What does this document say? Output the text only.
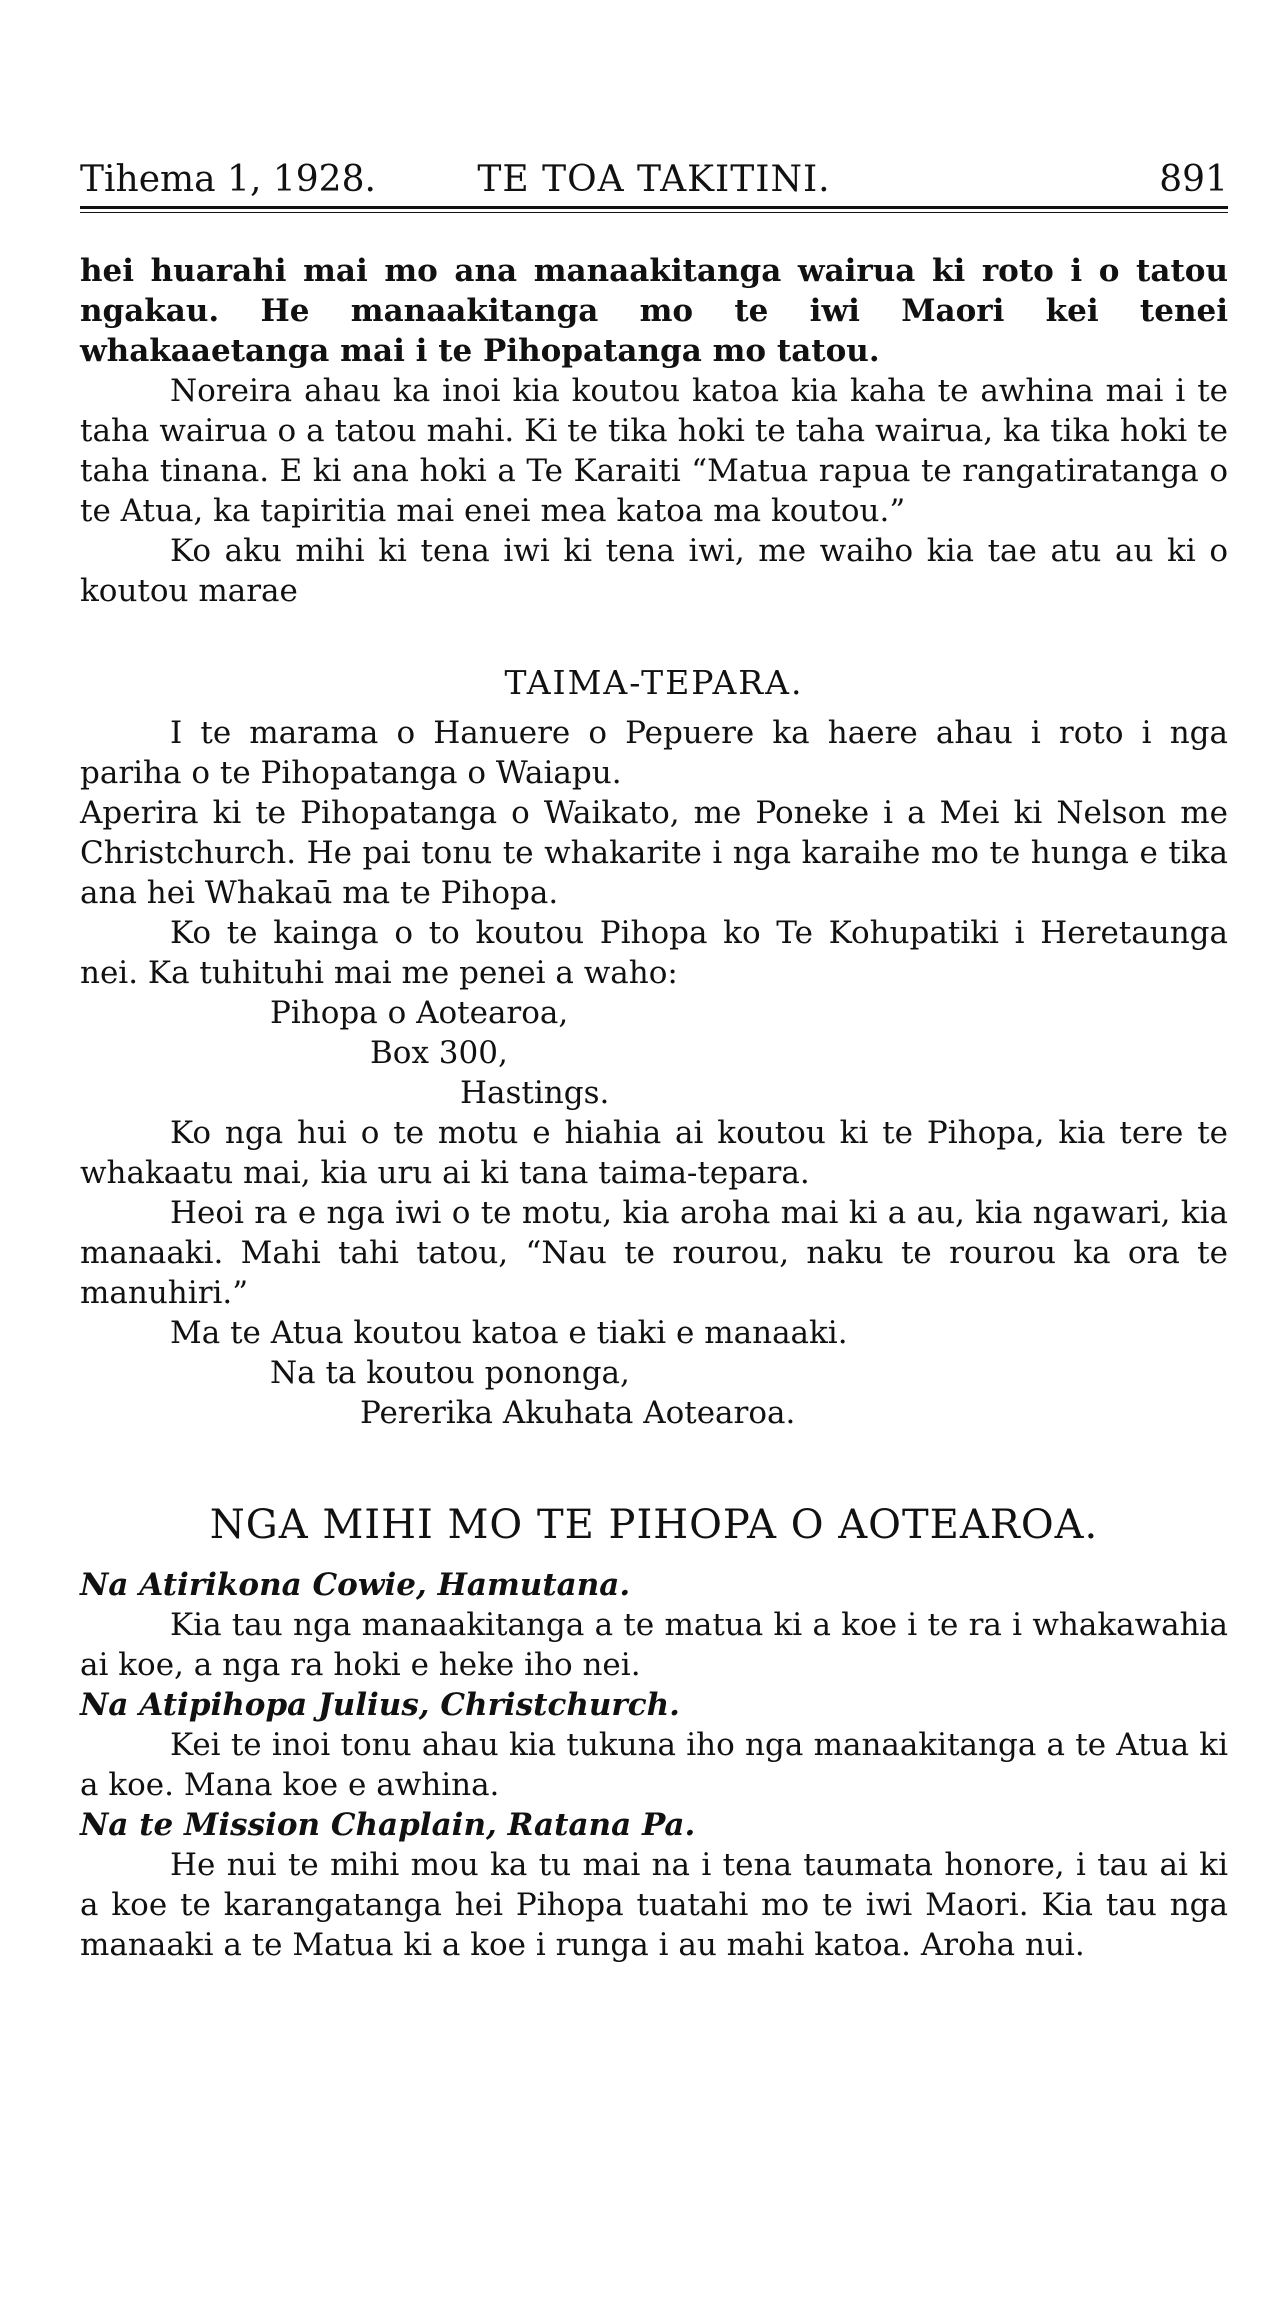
Tihema 1, 1928.	TE TOA TAKITINI.	891

hei huarahi mai mo ana manaakitanga wairua ki roto i o tatou ngakau. He manaakitanga mo te iwi Maori kei tenei whakaaetanga mai i te Pihopatanga mo tatou.

Noreira ahau ka inoi kia koutou katoa kia kaha te awhina mai i te taha wairua o a tatou mahi. Ki te tika hoki te taha wairua, ka tika hoki te taha tinana. E ki ana hoki a Te Karaiti “Matua rapua te rangatiratanga o te Atua, ka tapiritia mai enei mea katoa ma koutou.”

Ko aku mihi ki tena iwi ki tena iwi, me waiho kia tae atu au ki o koutou marae

TAIMA-TEPARA.

I te marama o Hanuere o Pepuere ka haere ahau i roto i nga pariha o te Pihopatanga o Waiapu.

Aperira ki te Pihopatanga o Waikato, me Poneke i a Mei ki Nelson me Christchurch. He pai tonu te whakarite i nga karaihe mo te hunga e tika ana hei Whakaū ma te Pihopa.

Ko te kainga o to koutou Pihopa ko Te Kohupatiki i Heretaunga nei. Ka tuhituhi mai me penei a waho:

Pihopa o Aotearoa,
Box 300,
Hastings.

Ko nga hui o te motu e hiahia ai koutou ki te Pihopa, kia tere te whakaatu mai, kia uru ai ki tana taima-tepara.

Heoi ra e nga iwi o te motu, kia aroha mai ki a au, kia ngawari, kia manaaki. Mahi tahi tatou, “Nau te rourou, naku te rourou ka ora te manuhiri.”

Ma te Atua koutou katoa e tiaki e manaaki.
Na ta koutou pononga,
Pererika Akuhata Aotearoa.
NGA MIHI MO TE PIHOPA O AOTEAROA.

Na Atirikona Cowie, Hamutana.

Kia tau nga manaakitanga a te matua ki a koe i te ra i whakawahia ai koe, a nga ra hoki e heke iho nei.

Na Atipihopa Julius, Christchurch.

Kei te inoi tonu ahau kia tukuna iho nga manaakitanga a te Atua ki a koe. Mana koe e awhina.

Na te Mission Chaplain, Ratana Pa.

He nui te mihi mou ka tu mai na i tena taumata honore, i tau ai ki a koe te karangatanga hei Pihopa tuatahi mo te iwi Maori. Kia tau nga manaaki a te Matua ki a koe i runga i au mahi katoa. Aroha nui.
